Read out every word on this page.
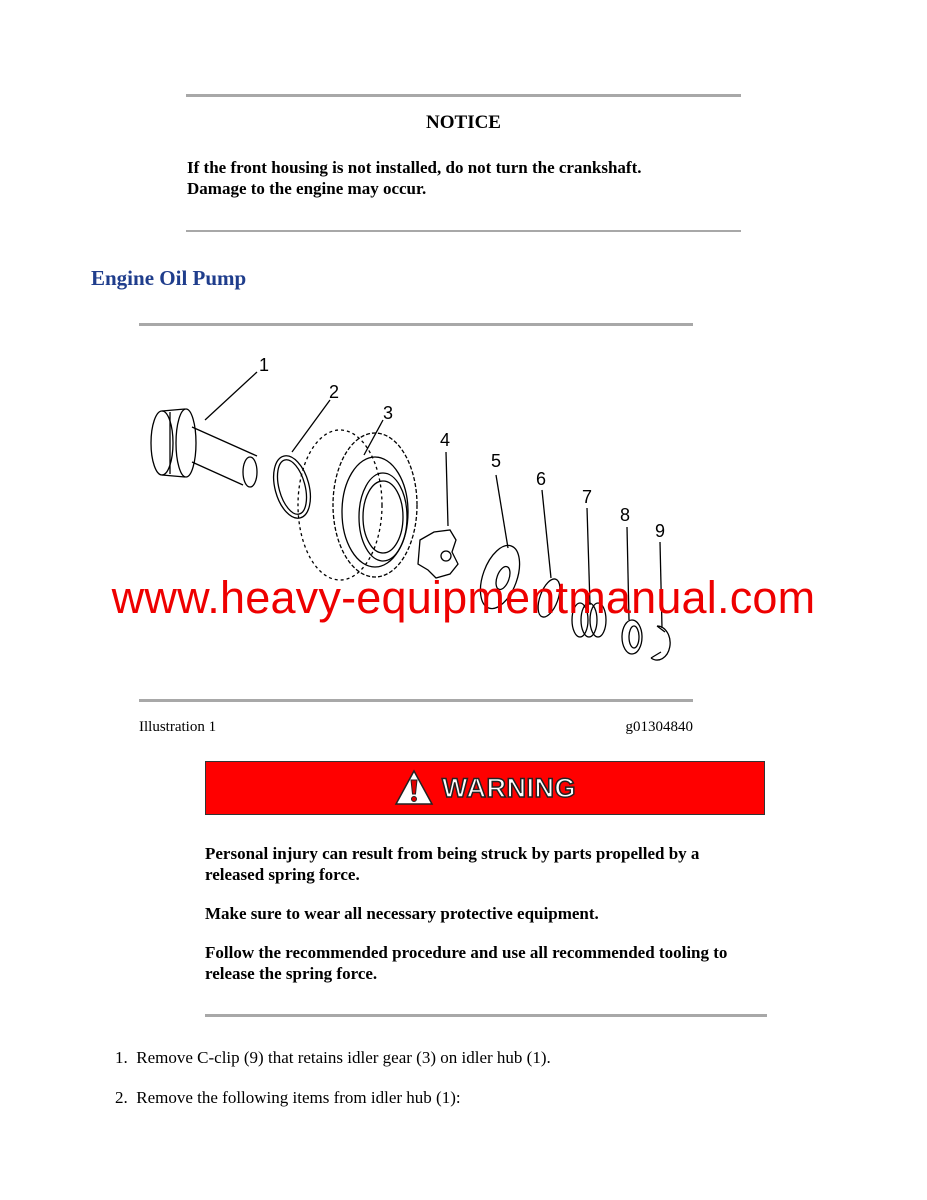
NOTICE
If the front housing is not installed, do not turn the crankshaft.
Damage to the engine may occur.
Engine Oil Pump
1
2
3
4
5
6
7
8
9
www.heavy-equipmentmanual.com
Illustration 1	g01304840
WARNING
Personal injury can result from being struck by parts propelled by a released spring force.
Make sure to wear all necessary protective equipment.
Follow the recommended procedure and use all recommended tooling to release the spring force.
1. Remove C-clip (9) that retains idler gear (3) on idler hub (1).
2. Remove the following items from idler hub (1):
